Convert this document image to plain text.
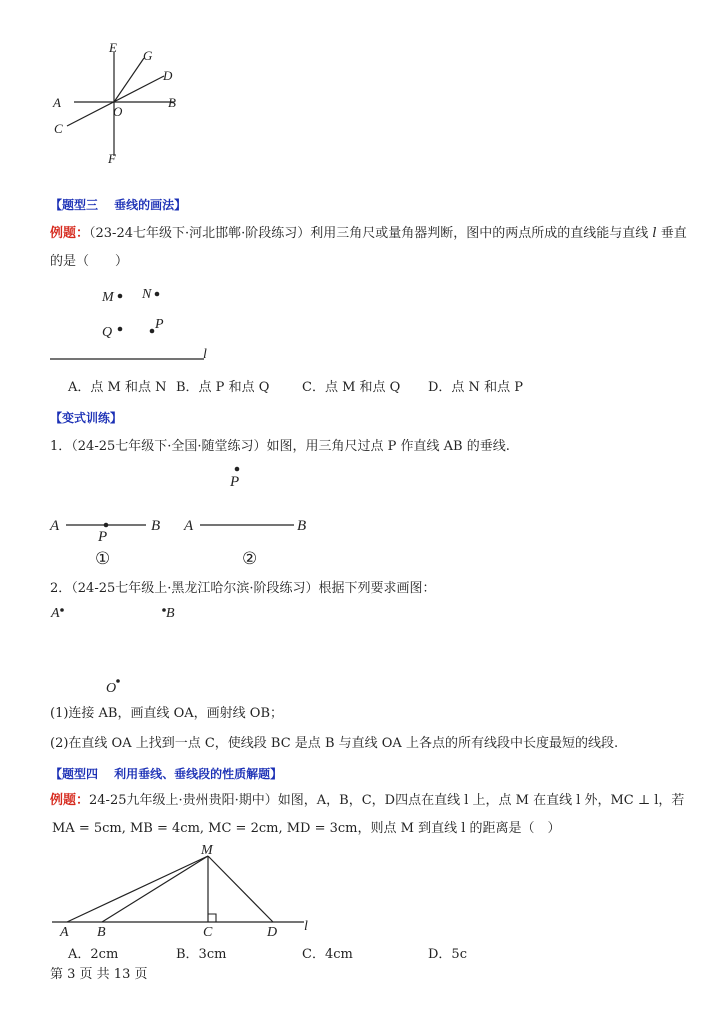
E
G
D
A
O
B
C
F
【题型三　 垂线的画法】
例题：（23-24七年级下·河北邯郸·阶段练习）利用三角尺或量角器判断，图中的两点所成的直线能与直线 l 垂直
的是（　　）
M N
Q
P
l
A．点 M 和点 N B．点 P 和点 Q	C．点 M 和点 Q D．点 N 和点 P
【变式训练】
1．（24-25七年级下·全国·随堂练习）如图，用三角尺过点 P 作直线 AB 的垂线.
P
A	B
P
①
A	B
②
2．（24-25七年级上·黑龙江哈尔滨·阶段练习）根据下列要求画图：
A	B
O
(1)连接 AB，画直线 OA，画射线 OB；
(2)在直线 OA 上找到一点 C，使线段 BC 是点 B 与直线 OA 上各点的所有线段中长度最短的线段.
【题型四　 利用垂线、垂线段的性质解题】
例题：24-25九年级上·贵州贵阳·期中）如图，A，B，C，D四点在直线 l 上，点 M 在直线 l 外，MC ⊥ l，若
MA = 5cm, MB = 4cm, MC = 2cm, MD = 3cm，则点 M 到直线 l 的距离是（　）
M
A B	C	D l
A．2cm	B．3cm	C．4cm	D．5c
第 3 页 共 13 页
